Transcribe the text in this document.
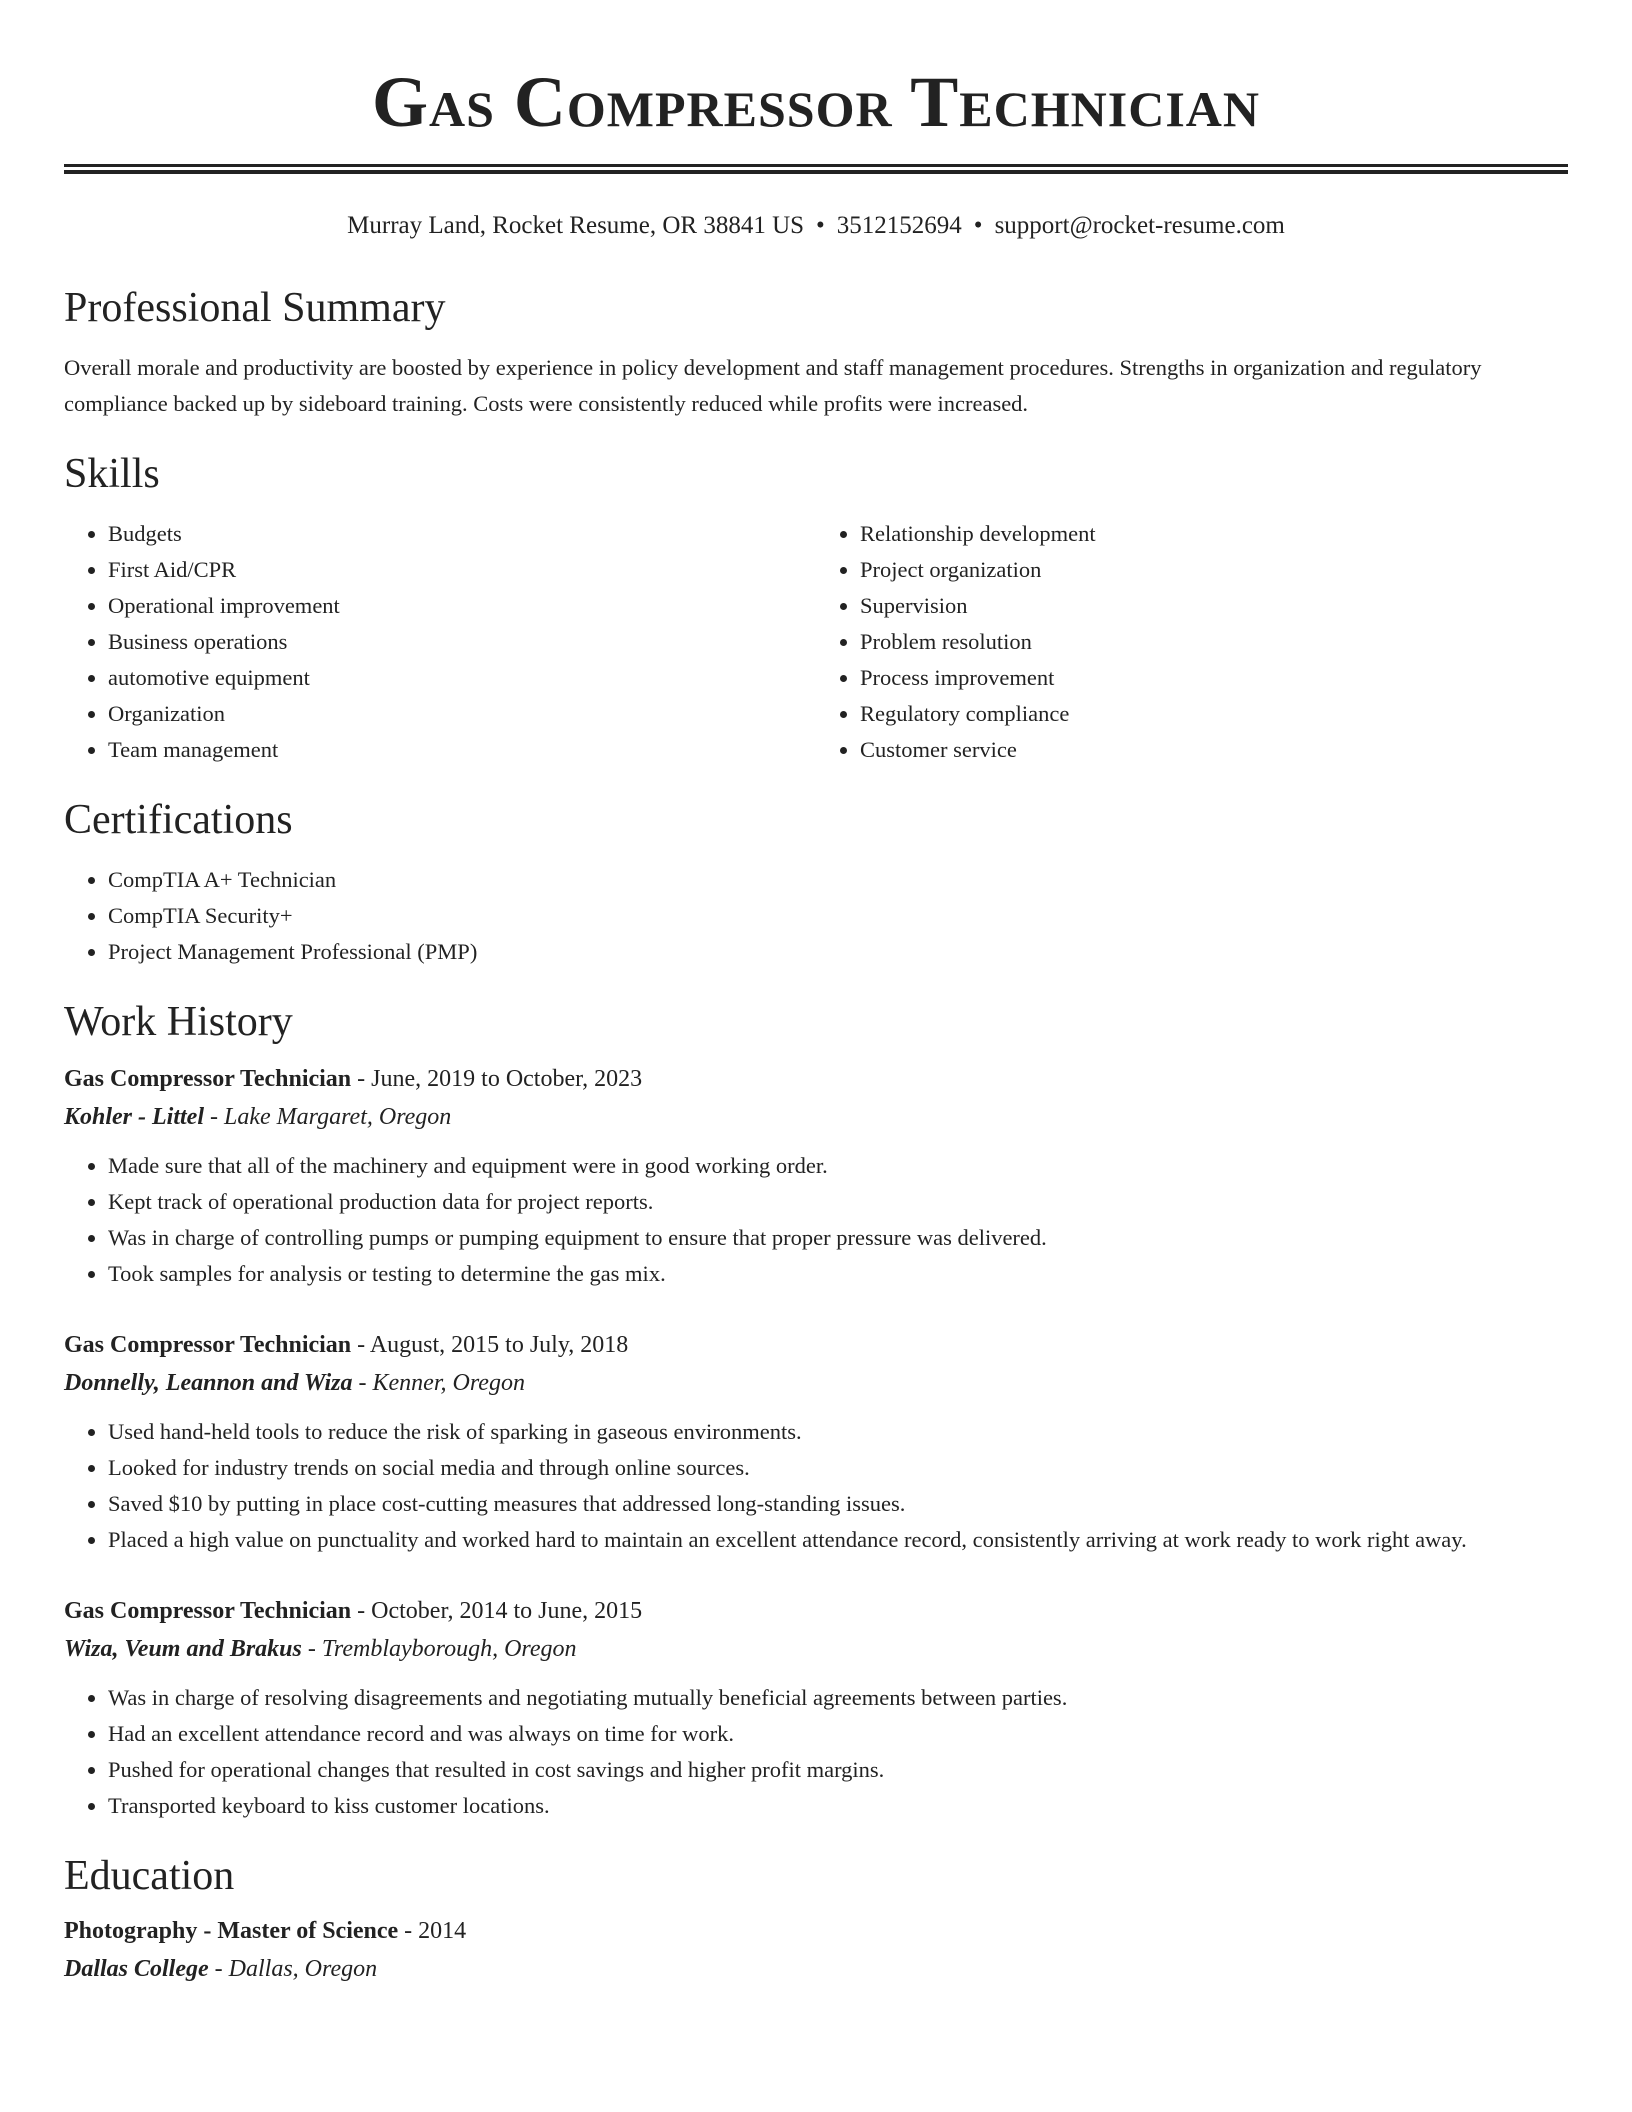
Gas Compressor Technician
Murray Land, Rocket Resume, OR 38841 US • 3512152694 • support@rocket-resume.com
Professional Summary

Overall morale and productivity are boosted by experience in policy development and staff management procedures. Strengths in organization and regulatory compliance backed up by sideboard training. Costs were consistently reduced while profits were increased.

Skills
• Budgets
• First Aid/CPR
• Operational improvement
• Business operations
• automotive equipment
• Organization
• Team management
• Relationship development
• Project organization
• Supervision
• Problem resolution
• Process improvement
• Regulatory compliance
• Customer service
Certifications
• CompTIA A+ Technician
• CompTIA Security+
• Project Management Professional (PMP)
Work History
Gas Compressor Technician - June, 2019 to October, 2023
Kohler - Littel - Lake Margaret, Oregon
• Made sure that all of the machinery and equipment were in good working order.
• Kept track of operational production data for project reports.
• Was in charge of controlling pumps or pumping equipment to ensure that proper pressure was delivered.
• Took samples for analysis or testing to determine the gas mix.
Gas Compressor Technician - August, 2015 to July, 2018
Donnelly, Leannon and Wiza - Kenner, Oregon
• Used hand-held tools to reduce the risk of sparking in gaseous environments.
• Looked for industry trends on social media and through online sources.
• Saved $10 by putting in place cost-cutting measures that addressed long-standing issues.
• Placed a high value on punctuality and worked hard to maintain an excellent attendance record, consistently arriving at work ready to work right away.
Gas Compressor Technician - October, 2014 to June, 2015
Wiza, Veum and Brakus - Tremblayborough, Oregon
• Was in charge of resolving disagreements and negotiating mutually beneficial agreements between parties.
• Had an excellent attendance record and was always on time for work.
• Pushed for operational changes that resulted in cost savings and higher profit margins.
• Transported keyboard to kiss customer locations.
Education
Photography - Master of Science - 2014
Dallas College - Dallas, Oregon
